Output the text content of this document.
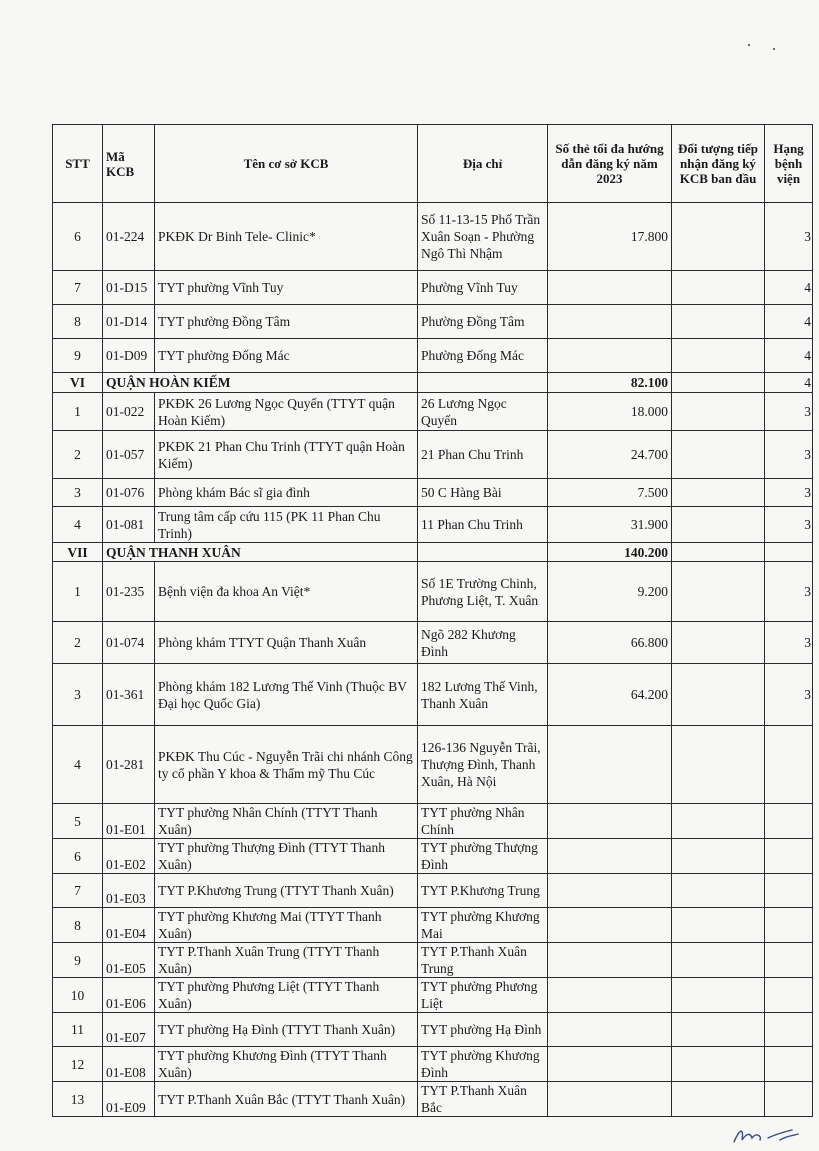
STT	Mã KCB	Tên cơ sở KCB	Địa chỉ	Số thẻ tối đa hướng dẫn đăng ký năm 2023	Đối tượng tiếp nhận đăng ký KCB ban đầu	Hạng bệnh viện
6	01-224	PKĐK Dr Binh Tele- Clinic*	Số 11-13-15 Phố Trần Xuân Soạn - Phường Ngô Thì Nhậm	17.800		3
7	01-D15	TYT phường Vĩnh Tuy	Phường Vĩnh Tuy			4
8	01-D14	TYT phường Đồng Tâm	Phường Đồng Tâm			4
9	01-D09	TYT phường Đống Mác	Phường Đống Mác			4
VI	QUẬN HOÀN KIẾM			82.100		4
1	01-022	PKĐK 26 Lương Ngọc Quyến (TTYT quận Hoàn Kiếm)	26 Lương Ngọc Quyến	18.000		3
2	01-057	PKĐK 21 Phan Chu Trinh (TTYT quận Hoàn Kiếm)	21 Phan Chu Trinh	24.700		3
3	01-076	Phòng khám Bác sĩ gia đình	50 C Hàng Bài	7.500		3
4	01-081	Trung tâm cấp cứu 115 (PK 11 Phan Chu Trinh)	11 Phan Chu Trinh	31.900		3
VII	QUẬN THANH XUÂN			140.200		
1	01-235	Bệnh viện đa khoa An Việt*	Số 1E Trường Chinh, Phương Liệt, T. Xuân	9.200		3
2	01-074	Phòng khám TTYT Quận Thanh Xuân	Ngõ 282 Khương Đình	66.800		3
3	01-361	Phòng khám 182 Lương Thế Vinh (Thuộc BV Đại học Quốc Gia)	182 Lương Thế Vinh, Thanh Xuân	64.200		3
4	01-281	PKĐK Thu Cúc - Nguyễn Trãi chi nhánh Công ty cổ phần Y khoa & Thẩm mỹ Thu Cúc	126-136 Nguyễn Trãi, Thượng Đình, Thanh Xuân, Hà Nội			
5	01-E01	TYT phường Nhân Chính (TTYT Thanh Xuân)	TYT phường Nhân Chính			
6	01-E02	TYT phường Thượng Đình (TTYT Thanh Xuân)	TYT phường Thượng Đình			
7	01-E03	TYT P.Khương Trung (TTYT Thanh Xuân)	TYT P.Khương Trung			
8	01-E04	TYT phường Khương Mai (TTYT Thanh Xuân)	TYT phường Khương Mai			
9	01-E05	TYT P.Thanh Xuân Trung (TTYT Thanh Xuân)	TYT P.Thanh Xuân Trung			
10	01-E06	TYT phường Phương Liệt (TTYT Thanh Xuân)	TYT phường Phương Liệt			
11	01-E07	TYT phường Hạ Đình (TTYT Thanh Xuân)	TYT phường Hạ Đình			
12	01-E08	TYT phường Khương Đình (TTYT Thanh Xuân)	TYT phường Khương Đình			
13	01-E09	TYT P.Thanh Xuân Bắc (TTYT Thanh Xuân)	TYT P.Thanh Xuân Bắc			
